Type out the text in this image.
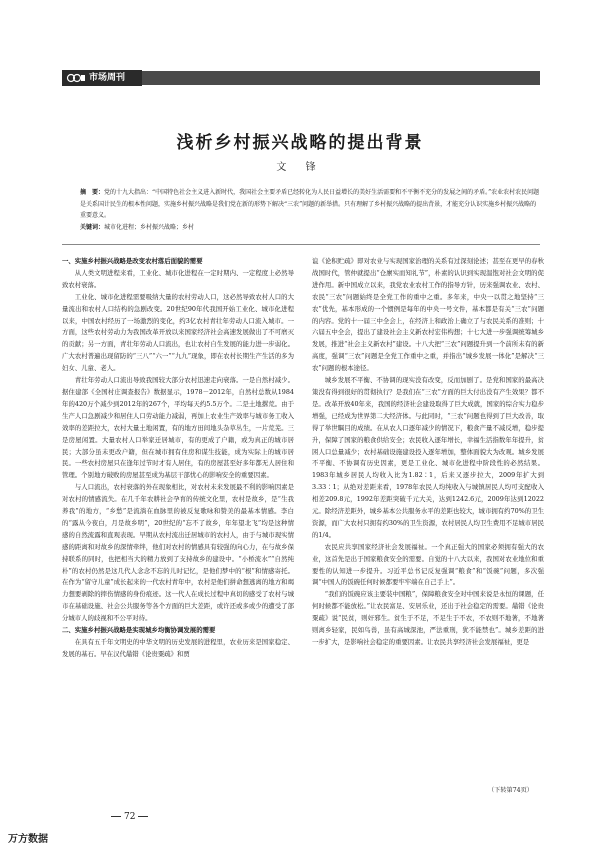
市场周刊
浅析乡村振兴战略的提出背景
文 锋
摘　要：党的十九大指出：“中国特色社会主义进入新时代，我国社会主要矛盾已经转化为人民日益增长的美好生活需要和不平衡不充分的发展之间的矛盾。”农业农村农民问题是关系国计民生的根本性问题，实施乡村振兴战略是我们党在新的形势下解决“三农”问题的新举措。只有理解了乡村振兴战略的提出背景，才能充分认识实施乡村振兴战略的重要意义。
关键词：城市化进程；乡村振兴战略；乡村
一、实施乡村振兴战略是改变农村落后面貌的需要

从人类文明进程来看，工业化、城市化进程在一定时期内、一定程度上必然导致农村衰落。

工业化、城市化进程需要吸纳大量的农村劳动人口，这必然导致农村人口的大量流出和农村人口结构的急剧改变。20世纪90年代我国开始工业化、城市化进程以来，中国农村经历了一场激烈的变化，约3亿农村青壮年劳动人口流入城市。一方面，这些农村劳动力为我国改革开放以来国家经济社会高速发展做出了不可磨灭的贡献；另一方面，青壮年劳动人口流出，也让农村自生发展的能力进一步弱化。广大农村普遍出现留防的“三八”“六一”“九九”现象，即在农村长期生产生活的多为妇女、儿童、老人。

青壮年劳动人口流出导致我国较大部分农村迅速走向衰落。一是自然村减少。据住建部《全国村庄调查报告》数据显示，1978－2012年，自然村总数从1984年的420万个减少到2012年的267个，平均每天约5.5万个。二是土地撂荒。由于生产人口急剧减少和居住人口劳动能力减弱，再加上农业生产效率与城市务工收入效率的差距拉大，农村大量土地闲置，有的地方田间地头杂草丛生，一片荒芜。三是房屋闲置。大量农村人口举家迁居城市，有的更成了户籍，或为真正的城市居民；大部分虽未更改户籍，但在城市拥有住房和谋生技能，成为实际上的城市居民。一些农村房屋只在逢年过节时才有人居住，有的房屋甚至好多年都无人居住和管理。个别地方破败的房屋甚至成为基层干部忧心的影响安全的重要因素。

与人口流出，农村衰落的外在现象相比，对农村未来发展最不利的影响因素是对农村的情感流失。在几千年农耕社会孕育的传统文化里，农村是故乡，是“生我养我”的地方，“乡愁”是流淌在血脉里的被反复歌咏和赞美的最基本情感。李白的“露从今夜白，月是故乡明”，20世纪的“忘不了故乡，年年望北飞”均是这种情感的自然流露和直观表现。早期从农村流出迁居城市的农村人，由于与城市现实情感的距离和对故乡的深情牵绊，他们对农村的情感具有较强的向心力，在与故乡保持联系的同时，也把相当大的精力放到了支持故乡的建设中。“小桥流水”“自然纯朴”的农村仍然是这几代人念念不忘的儿时记忆，是他们梦中的“根”和情感寄托。在作为“留守儿童”成长起来的一代农村青年中，农村是他们拼命想逃离的地方和竭力想要剥除的摔伤情感的身份痕迹。这一代人在成长过程中真切的感受了农村与城市在基础设施、社会公共服务等各个方面的巨大差距，或许还或多或少的遭受了部分城市人的歧视和不公平对待。

二、实施乡村振兴战略是实现城乡均衡协调发展的需要

在具有五千年文明史的中华文明的历史发展的进程里，农业历来是国家稳定、发展的基石。早在汉代鼂错《论贵粟疏》和贾

谊《论积贮疏》即对农业与实现国家治理的关系有过深刻论述；甚至在更早的春秋战国时代，管仲就提出“仓廪实而知礼节”，朴素的认识到实现温饱对社会文明的促进作用。新中国成立以来，我党农业农村工作的指导方针，历来强调农业、农村、农民“三农”问题始终是全党工作的重中之重。多年来，中央一以贯之地坚持“三农”优先，基本形成的一个惯例是每年的中央一号文件，基本都是有关“三农”问题的内容。党的十一届三中全会上，在经济上和政治上确立了与农民关系的准则；十六届五中全会，提出了建设社会主义新农村宏伟构想；十七大进一步强调统筹城乡发展，推进“社会主义新农村”建设。十八大把“三农”问题提升到一个前所未有的新高度，强调“三农”问题是全党工作重中之重，并指出“城乡发展一体化”是解决“三农”问题的根本途径。

城乡发展不平衡、不协调的现实没有改变，反而加剧了。是党和国家的最高决策没有得到很好的贯彻执行？是我们在“三农”方面的巨大付出没有产生效果？都不是。改革开放40年来，我国的经济社会建设取得了巨大成就，国家的综合实力稳步增强，已经成为世界第二大经济体。与此同时，“三农”问题也得到了巨大改善，取得了举世瞩目的成绩。在从农人口逐年减少的情况下，粮食产量不减反增，稳步提升，保障了国家的粮食供给安全；农民收入逐年增长，幸福生活指数年年提升，贫困人口总量减少；农村基础设施建设投入逐年增加，整体面貌大为改观。城乡发展不平衡、不协调有历史因素，更是工业化、城市化进程中阶段性的必然结果。1983年城乡居民人均收入比为1.82∶1，后来又逐步拉大，2009年扩大到3.33∶1；从绝对差距来看，1978年农民人均纯收入与城镇居民人均可支配收入相差209.8元，1992年差距突破千元大关，达到1242.6元，2009年达到12022元。除经济差距外，城乡基本公共服务水平的差距也较大，城市拥有约70%的卫生资源，而广大农村只拥有约30%的卫生资源，农村居民人均卫生费用不足城市居民的1/4。

农民应共享国家经济社会发展福祉。一个真正强大的国家必须拥有强大的农业，这首先是出于国家粮食安全的需要。自觉的十八大以来，我国对农业地位和重要性的认知进一步提升。习近平总书记反复强调“粮食”和“饭碗”问题，多次强调“中国人的饭碗任何时候都要牢牢端在自己手上”。

“我们的饭碗应该主要装中国粮”，保障粮食安全对中国来说是永恒的课题，任何时候都不能放松。”让农民富足、安居乐业，还出于社会稳定的需要。鼂错《论贵粟疏》说“民贫，则奸邪生。贫生于不足，不足生于不农，不农则不地著，不地著则离乡轻家，民如鸟兽，虽有高城深池，严法重刑，犹不能禁也”。城乡差距的进一步扩大，是影响社会稳定的重要因素。让农民共享经济社会发展福祉，更是

（下转第74页）
72
万方数据
